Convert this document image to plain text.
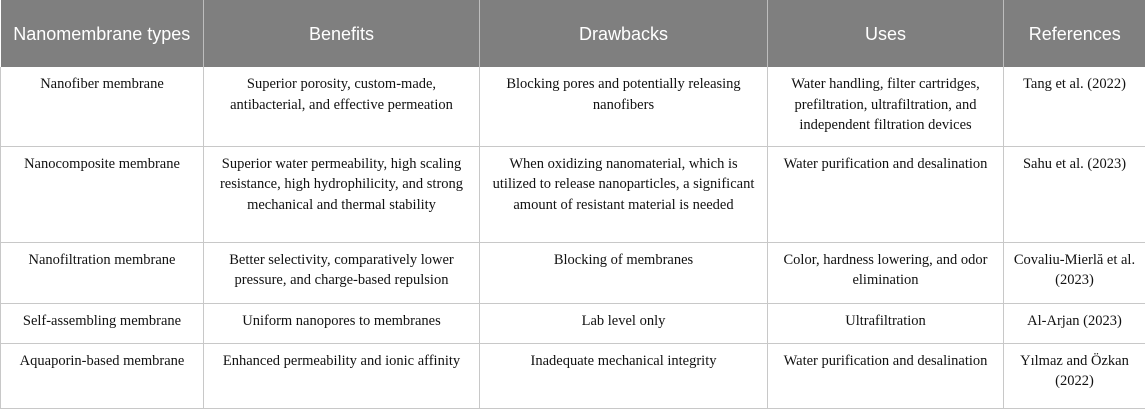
Nanomembrane types	Benefits	Drawbacks	Uses	References
Nanofiber membrane	Superior porosity, custom-made, antibacterial, and effective permeation	Blocking pores and potentially releasing nanofibers	Water handling, filter cartridges, prefiltration, ultrafiltration, and independent filtration devices	Tang et al. (2022)
Nanocomposite membrane	Superior water permeability, high scaling resistance, high hydrophilicity, and strong mechanical and thermal stability	When oxidizing nanomaterial, which is utilized to release nanoparticles, a significant amount of resistant material is needed	Water purification and desalination	Sahu et al. (2023)
Nanofiltration membrane	Better selectivity, comparatively lower pressure, and charge-based repulsion	Blocking of membranes	Color, hardness lowering, and odor elimination	Covaliu-Mierlă et al. (2023)
Self-assembling membrane	Uniform nanopores to membranes	Lab level only	Ultrafiltration	Al-Arjan (2023)
Aquaporin-based membrane	Enhanced permeability and ionic affinity	Inadequate mechanical integrity	Water purification and desalination	Yılmaz and Özkan (2022)
